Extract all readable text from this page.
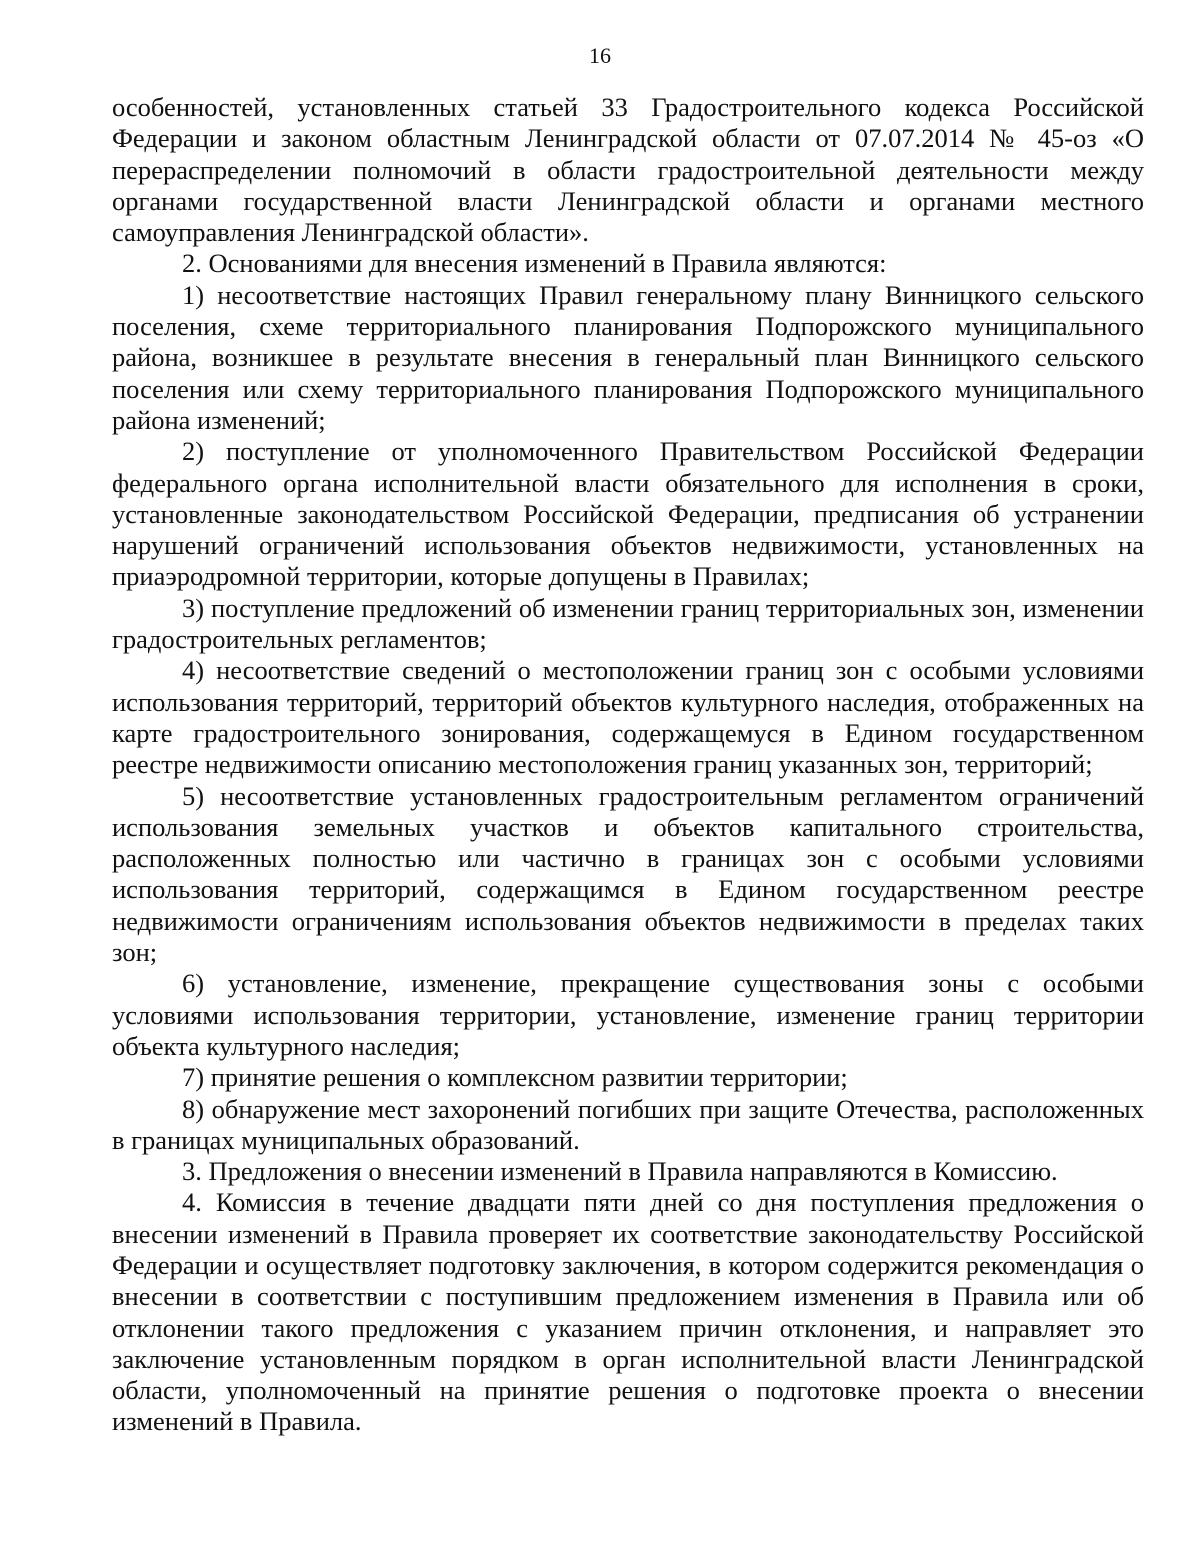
16

особенностей, установленных статьей 33 Градостроительного кодекса Российской Федерации и законом областным Ленинградской области от 07.07.2014 № 45-оз «О перераспределении полномочий в области градостроительной деятельности между органами государственной власти Ленинградской области и органами местного самоуправления Ленинградской области».

2. Основаниями для внесения изменений в Правила являются:

1) несоответствие настоящих Правил генеральному плану Винницкого сельского поселения, схеме территориального планирования Подпорожского муниципального района, возникшее в результате внесения в генеральный план Винницкого сельского поселения или схему территориального планирования Подпорожского муниципального района изменений;

2) поступление от уполномоченного Правительством Российской Федерации федерального органа исполнительной власти обязательного для исполнения в сроки, установленные законодательством Российской Федерации, предписания об устранении нарушений ограничений использования объектов недвижимости, установленных на приаэродромной территории, которые допущены в Правилах;

3) поступление предложений об изменении границ территориальных зон, изменении градостроительных регламентов;

4) несоответствие сведений о местоположении границ зон с особыми условиями использования территорий, территорий объектов культурного наследия, отображенных на карте градостроительного зонирования, содержащемуся в Едином государственном реестре недвижимости описанию местоположения границ указанных зон, территорий;

5) несоответствие установленных градостроительным регламентом ограничений использования земельных участков и объектов капитального строительства, расположенных полностью или частично в границах зон с особыми условиями использования территорий, содержащимся в Едином государственном реестре недвижимости ограничениям использования объектов недвижимости в пределах таких зон;

6) установление, изменение, прекращение существования зоны с особыми условиями использования территории, установление, изменение границ территории объекта культурного наследия;

7) принятие решения о комплексном развитии территории;

8) обнаружение мест захоронений погибших при защите Отечества, расположенных в границах муниципальных образований.

3. Предложения о внесении изменений в Правила направляются в Комиссию.

4. Комиссия в течение двадцати пяти дней со дня поступления предложения о внесении изменений в Правила проверяет их соответствие законодательству Российской Федерации и осуществляет подготовку заключения, в котором содержится рекомендация о внесении в соответствии с поступившим предложением изменения в Правила или об отклонении такого предложения с указанием причин отклонения, и направляет это заключение установленным порядком в орган исполнительной власти Ленинградской области, уполномоченный на принятие решения о подготовке проекта о внесении изменений в Правила.
